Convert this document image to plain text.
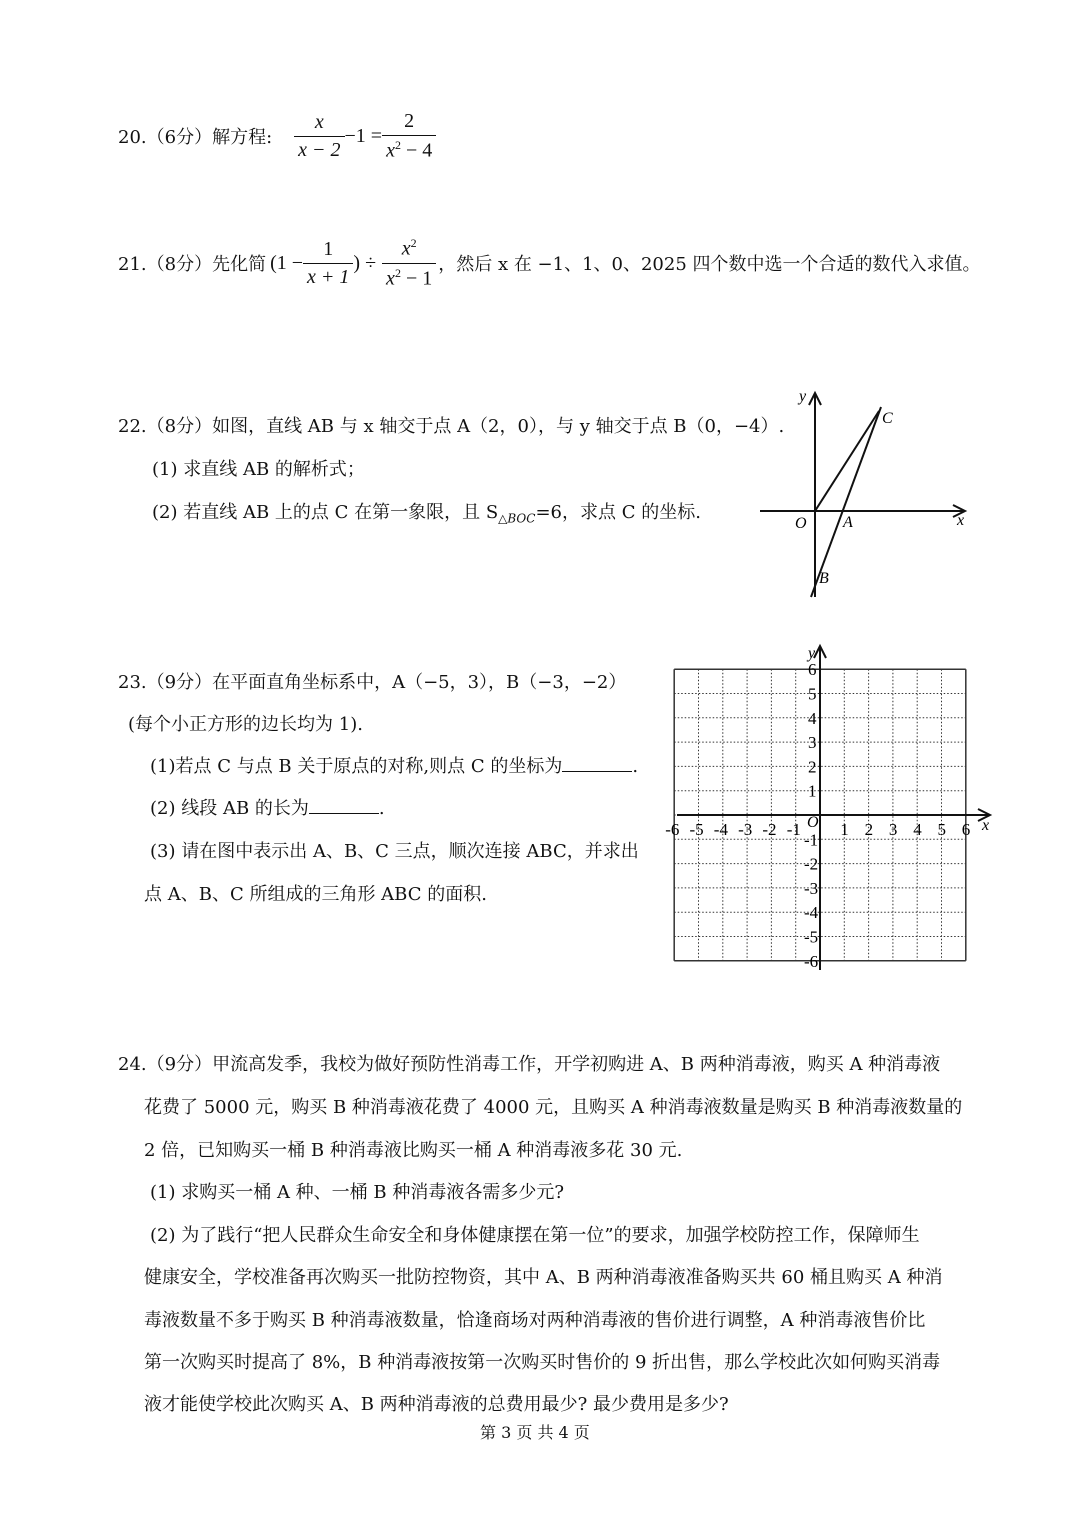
20.（6分）解方程: $\frac{x}{x - 2} -1 = \frac{2}{x^2 - 4}$
21.（8分）先化简 ($1 - \frac{1}{x + 1}$ ) ÷ $\frac{x^2}{x^2 - 1}$ ，然后 x 在 −1、1、0、2025 四个数中选一个合适的数代入求值。
22.（8分）如图，直线 AB 与 x 轴交于点 A（2，0），与 y 轴交于点 B（0，−4）.
(1) 求直线 AB 的解析式；
(2) 若直线 AB 上的点 C 在第一象限，且 $S_{\triangle BOC}=6$，求点 C 的坐标.
y
x
O A
B
C
23.（9分）在平面直角坐标系中，A（−5，3），B（−3，−2）
(每个小正方形的边长均为 1).
(1)若点 C 与点 B 关于原点的对称,则点 C 的坐标为	.
(2) 线段 AB 的长为	.
(3) 请在图中表示出 A、B、C 三点，顺次连接 ABC，并求出
点 A、B、C 所组成的三角形 ABC 的面积.
-6 -5 -4 -3 -2 -1 1 2 3 4 5 6
6
5
4
3
2
1
-1
-2
-3
-4
-5
-6
y
x
O
24.（9分）甲流高发季，我校为做好预防性消毒工作，开学初购进 A、B 两种消毒液，购买 A 种消毒液
花费了 5000 元，购买 B 种消毒液花费了 4000 元，且购买 A 种消毒液数量是购买 B 种消毒液数量的
2 倍，已知购买一桶 B 种消毒液比购买一桶 A 种消毒液多花 30 元.
(1) 求购买一桶 A 种、一桶 B 种消毒液各需多少元?
(2) 为了践行“把人民群众生命安全和身体健康摆在第一位”的要求，加强学校防控工作，保障师生
健康安全，学校准备再次购买一批防控物资，其中 A、B 两种消毒液准备购买共 60 桶且购买 A 种消
毒液数量不多于购买 B 种消毒液数量，恰逢商场对两种消毒液的售价进行调整，A 种消毒液售价比
第一次购买时提高了 8%，B 种消毒液按第一次购买时售价的 9 折出售，那么学校此次如何购买消毒
液才能使学校此次购买 A、B 两种消毒液的总费用最少? 最少费用是多少?
第 3 页 共 4 页
